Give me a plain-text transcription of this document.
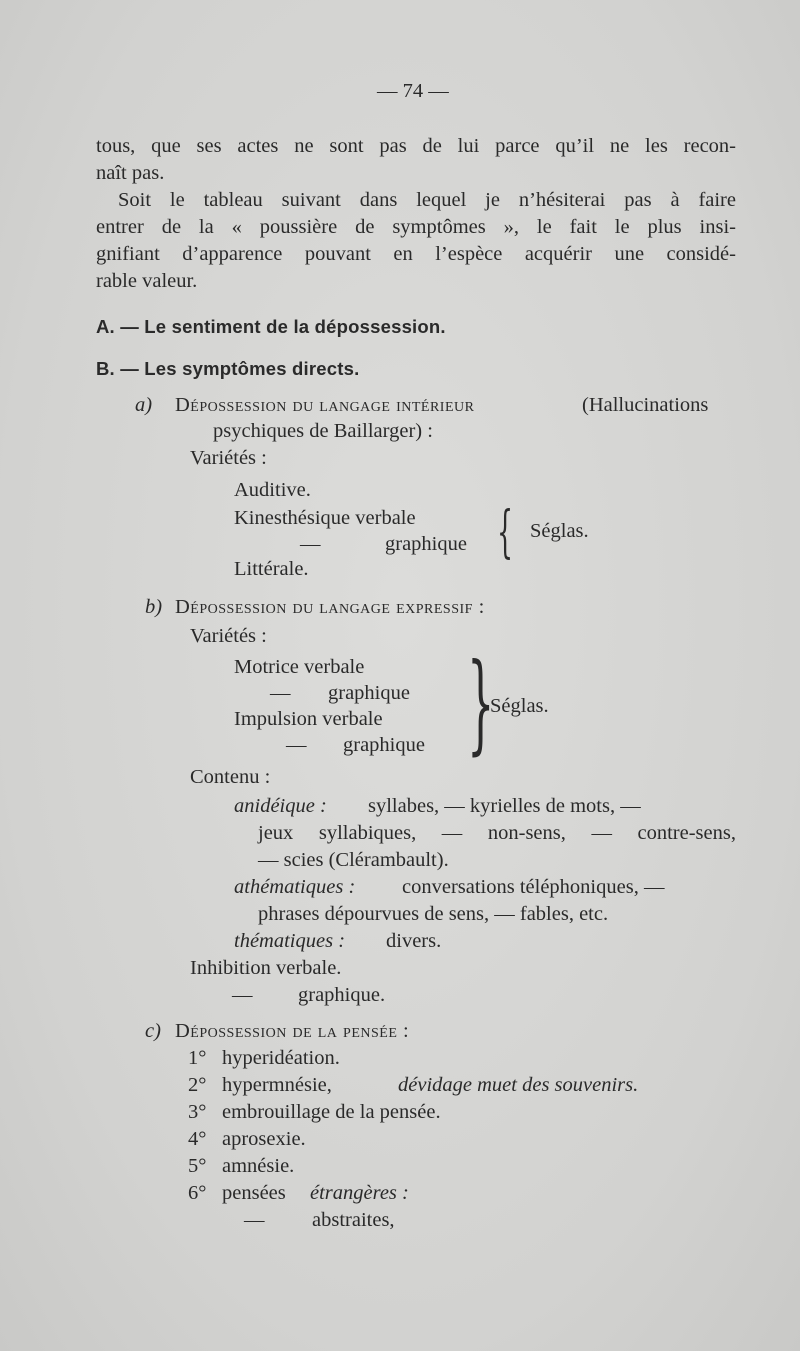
— 74 —
tous, que ses actes ne sont pas de lui parce qu’il ne les recon-
naît pas.
Soit le tableau suivant dans lequel je n’hésiterai pas à faire
entrer de la « poussière de symptômes », le fait le plus insi-
gnifiant d’apparence pouvant en l’espèce acquérir une considé-
rable valeur.
A. — Le sentiment de la dépossession.
B. — Les symptômes directs.
a) Dépossession du langage intérieur	(Hallucinations
psychiques de Baillarger) :
Variétés :
Auditive.
Kinesthésique verbale
—	graphique { Séglas.
Littérale.
b) Dépossession du langage expressif :
Variétés :
Motrice verbale
— graphique
Impulsion verbale
— graphique }
Séglas.
Contenu :
anidéique : syllabes, — kyrielles de mots, —
jeux syllabiques, — non-sens, — contre-sens,
— scies (Clérambault).
athématiques : conversations téléphoniques, —
phrases dépourvues de sens, — fables, etc.
thématiques : divers.
Inhibition verbale.
— graphique.
c) Dépossession de la pensée :
1° hyperidéation.
2° hypermnésie,	dévidage muet des souvenirs.
3° embrouillage de la pensée.
4° aprosexie.
5° amnésie.
6° pensées étrangères :
— abstraites,
